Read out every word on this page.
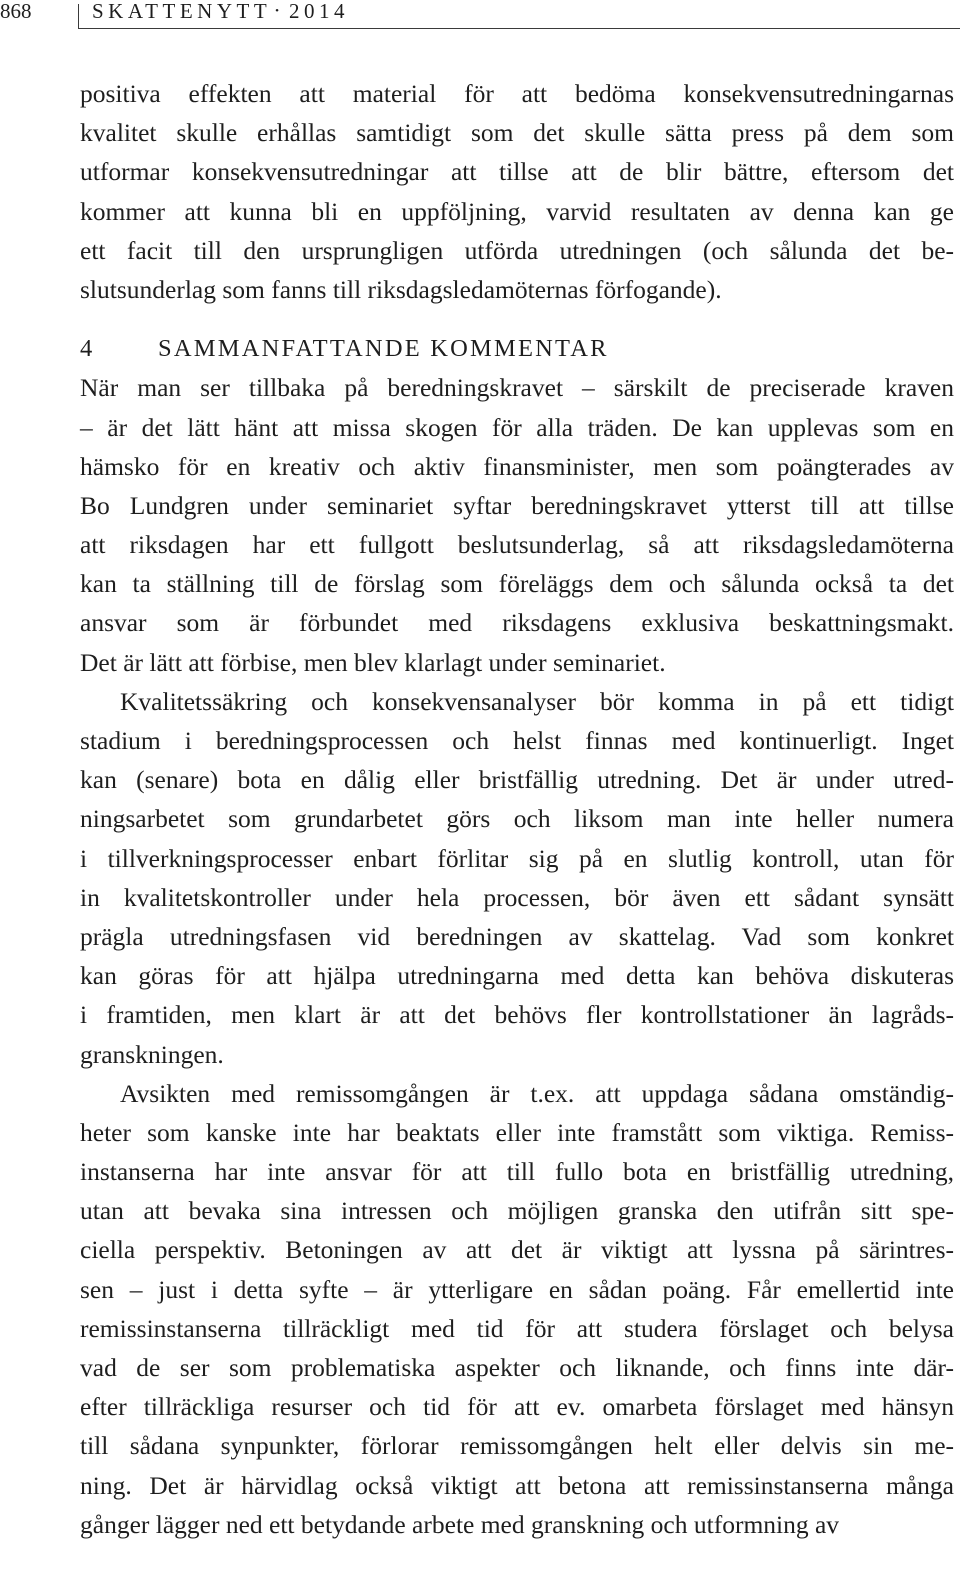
868	SKATTENYTT • 2014
positiva effekten att material för att bedöma konsekvensutredningarnas
kvalitet skulle erhållas samtidigt som det skulle sätta press på dem som
utformar konsekvensutredningar att tillse att de blir bättre, eftersom det
kommer att kunna bli en uppföljning, varvid resultaten av denna kan ge
ett facit till den ursprungligen utförda utredningen (och sålunda det be-
slutsunderlag som fanns till riksdagsledamöternas förfogande).
4	SAMMANFATTANDE KOMMENTAR
När man ser tillbaka på beredningskravet – särskilt de preciserade kraven
– är det lätt hänt att missa skogen för alla träden. De kan upplevas som en
hämsko för en kreativ och aktiv finansminister, men som poängterades av
Bo Lundgren under seminariet syftar beredningskravet ytterst till att tillse
att riksdagen har ett fullgott beslutsunderlag, så att riksdagsledamöterna
kan ta ställning till de förslag som föreläggs dem och sålunda också ta det
ansvar som är förbundet med riksdagens exklusiva beskattningsmakt.
Det är lätt att förbise, men blev klarlagt under seminariet.
Kvalitetssäkring och konsekvensanalyser bör komma in på ett tidigt
stadium i beredningsprocessen och helst finnas med kontinuerligt. Inget
kan (senare) bota en dålig eller bristfällig utredning. Det är under utred-
ningsarbetet som grundarbetet görs och liksom man inte heller numera
i tillverkningsprocesser enbart förlitar sig på en slutlig kontroll, utan för
in kvalitetskontroller under hela processen, bör även ett sådant synsätt
prägla utredningsfasen vid beredningen av skattelag. Vad som konkret
kan göras för att hjälpa utredningarna med detta kan behöva diskuteras
i framtiden, men klart är att det behövs fler kontrollstationer än lagråds-
granskningen.
Avsikten med remissomgången är t.ex. att uppdaga sådana omständig-
heter som kanske inte har beaktats eller inte framstått som viktiga. Remiss-
instanserna har inte ansvar för att till fullo bota en bristfällig utredning,
utan att bevaka sina intressen och möjligen granska den utifrån sitt spe-
ciella perspektiv. Betoningen av att det är viktigt att lyssna på särintres-
sen – just i detta syfte – är ytterligare en sådan poäng. Får emellertid inte
remissinstanserna tillräckligt med tid för att studera förslaget och belysa
vad de ser som problematiska aspekter och liknande, och finns inte där-
efter tillräckliga resurser och tid för att ev. omarbeta förslaget med hänsyn
till sådana synpunkter, förlorar remissomgången helt eller delvis sin me-
ning. Det är härvidlag också viktigt att betona att remissinstanserna många
gånger lägger ned ett betydande arbete med granskning och utformning av
